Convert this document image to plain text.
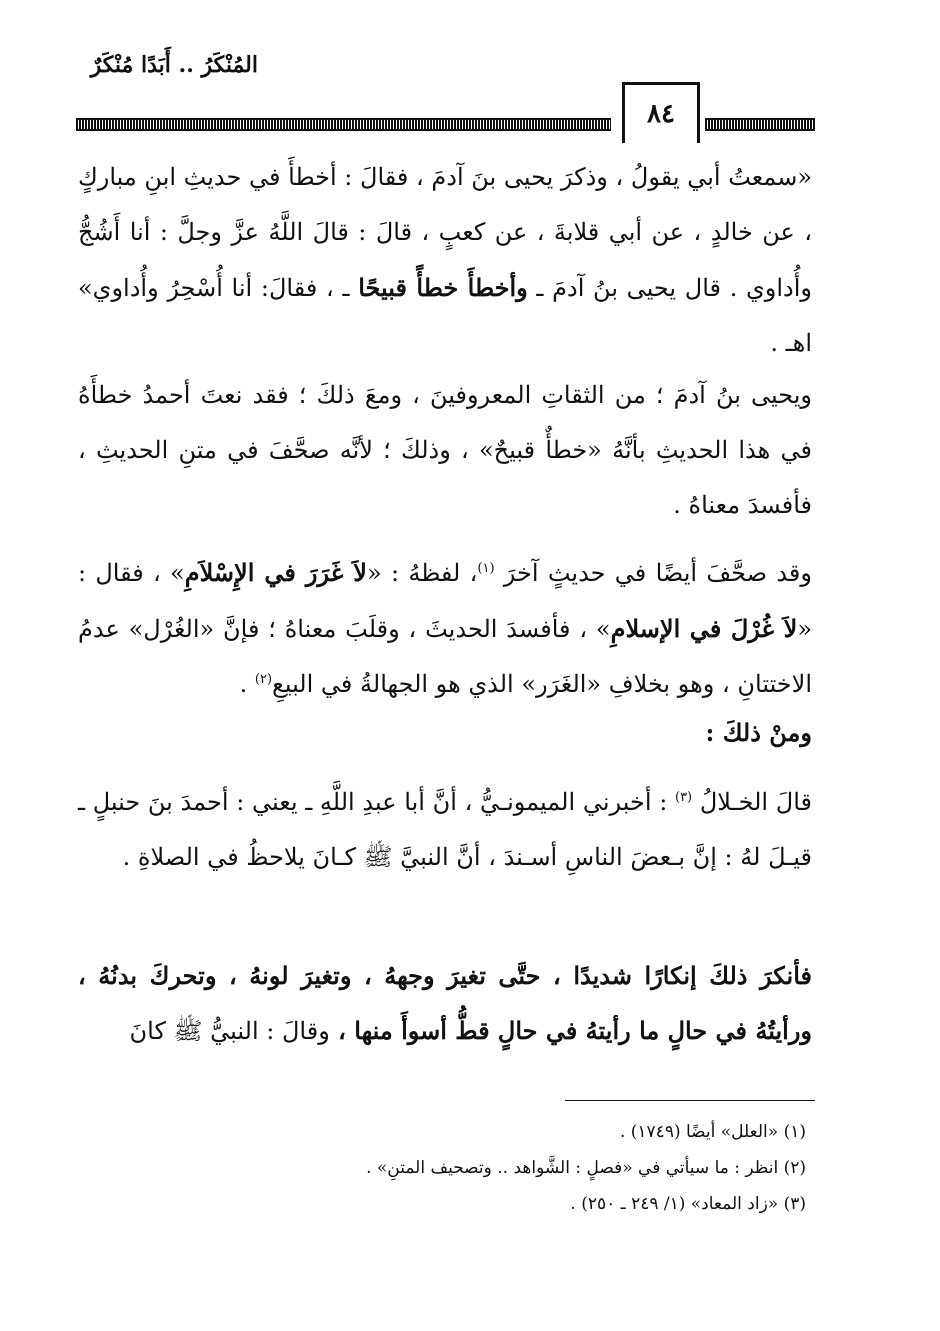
المُنْكَرُ .. أَبَدًا مُنْكَرٌ
٨٤
«سمعتُ أبي يقولُ ، وذكرَ يحيى بنَ آدمَ ، فقالَ : أخطأَ في حديثِ ابنِ مباركٍ ، عن خالدٍ ، عن أبي قلابةَ ، عن كعبٍ ، قالَ : قالَ اللَّهُ عزَّ وجلَّ : أنا أَشُجُّ وأُداوي . قال يحيى بنُ آدمَ ـ وأخطأَ خطأً قبيحًا ـ ، فقالَ: أنا أُسْحِرُ وأُداوي» اهـ .
ويحيى بنُ آدمَ ؛ من الثقاتِ المعروفينَ ، ومعَ ذلكَ ؛ فقد نعتَ أحمدُ خطأَهُ في هذا الحديثِ بأنَّهُ «خطأٌ قبيحٌ» ، وذلكَ ؛ لأنَّه صحَّفَ في متنِ الحديثِ ، فأفسدَ معناهُ .
وقد صحَّفَ أيضًا في حديثٍ آخرَ $^{(١)}$، لفظهُ : «لاَ غَرَرَ في الإِسْلاَمِ» ، فقال : «لاَ غُرْلَ في الإسلامِ» ، فأفسدَ الحديثَ ، وقلَبَ معناهُ ؛ فإنَّ «الغُرْل» عدمُ الاختتانِ ، وهو بخلافِ «الغَرَر» الذي هو الجهالةُ في البيعِ$^{(٢)}$ .
ومنْ ذلكَ :
قالَ الخـلالُ $^{(٣)}$ : أخبرني الميمونـيُّ ، أنَّ أبا عبدِ اللَّهِ ـ يعني : أحمدَ بنَ حنبلٍ ـ قيـلَ لهُ : إنَّ بـعضَ الناسِ أسـندَ ، أنَّ النبيَّ ﷺ كـانَ يلاحظُ في الصلاةِ .
فأنكرَ ذلكَ إنكارًا شديدًا ، حتَّى تغيرَ وجههُ ، وتغيرَ لونهُ ، وتحركَ بدنُهُ ، ورأيتُهُ في حالٍ ما رأيتهُ في حالٍ قطُّ أسوأَ منها ، وقالَ : النبيُّ ﷺ كانَ
(١) «العلل» أيضًا (١٧٤٩) .
(٢) انظر : ما سيأتي في «فصلٍ : الشَّواهد .. وتصحيف المتنِ» .
(٣) «زاد المعاد» (١/ ٢٤٩ ـ ٢٥٠) .
